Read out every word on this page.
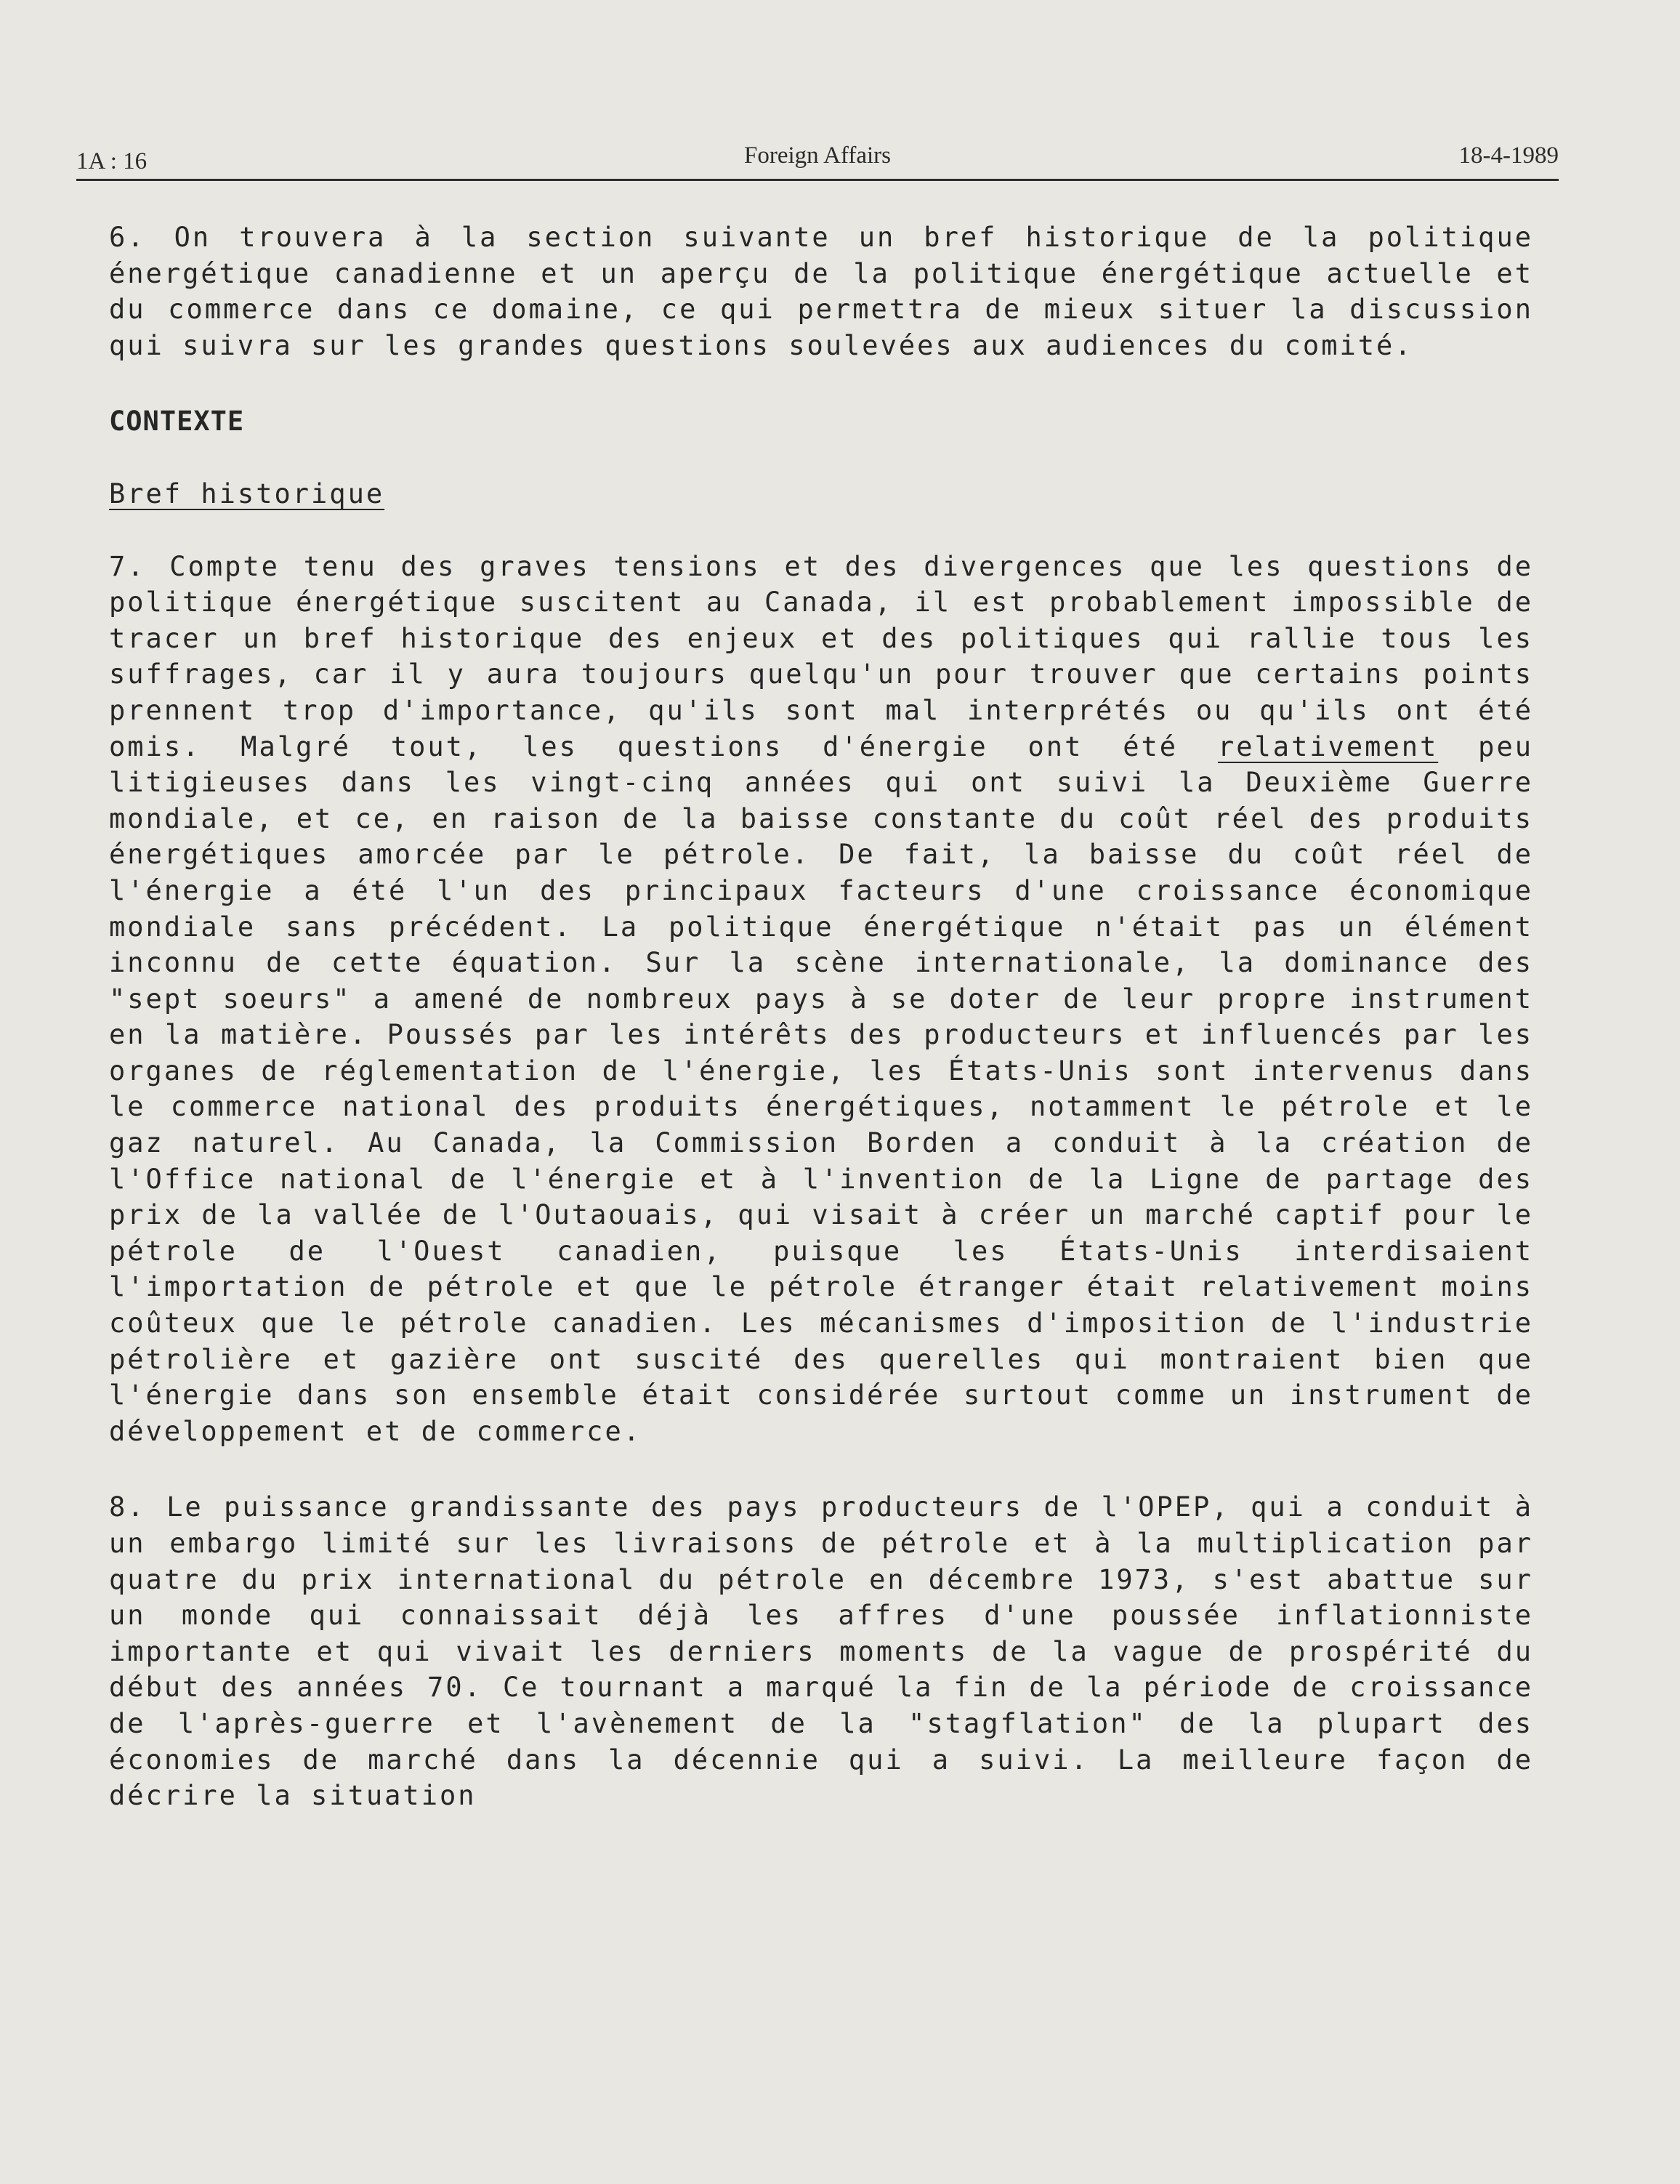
1A : 16	Foreign Affairs	18-4-1989

6. On trouvera à la section suivante un bref historique de la politique énergétique canadienne et un aperçu de la politique énergétique actuelle et du commerce dans ce domaine, ce qui permettra de mieux situer la discussion qui suivra sur les grandes questions soulevées aux audiences du comité.

CONTEXTE

Bref historique

7. Compte tenu des graves tensions et des divergences que les questions de politique énergétique suscitent au Canada, il est probablement impossible de tracer un bref historique des enjeux et des politiques qui rallie tous les suffrages, car il y aura toujours quelqu'un pour trouver que certains points prennent trop d'importance, qu'ils sont mal interprétés ou qu'ils ont été omis. Malgré tout, les questions d'énergie ont été relativement peu litigieuses dans les vingt-cinq années qui ont suivi la Deuxième Guerre mondiale, et ce, en raison de la baisse constante du coût réel des produits énergétiques amorcée par le pétrole. De fait, la baisse du coût réel de l'énergie a été l'un des principaux facteurs d'une croissance économique mondiale sans précédent. La politique énergétique n'était pas un élément inconnu de cette équation. Sur la scène internationale, la dominance des "sept soeurs" a amené de nombreux pays à se doter de leur propre instrument en la matière. Poussés par les intérêts des producteurs et influencés par les organes de réglementation de l'énergie, les États-Unis sont intervenus dans le commerce national des produits énergétiques, notamment le pétrole et le gaz naturel. Au Canada, la Commission Borden a conduit à la création de l'Office national de l'énergie et à l'invention de la Ligne de partage des prix de la vallée de l'Outaouais, qui visait à créer un marché captif pour le pétrole de l'Ouest canadien, puisque les États-Unis interdisaient l'importation de pétrole et que le pétrole étranger était relativement moins coûteux que le pétrole canadien. Les mécanismes d'imposition de l'industrie pétrolière et gazière ont suscité des querelles qui montraient bien que l'énergie dans son ensemble était considérée surtout comme un instrument de développement et de commerce.

8. Le puissance grandissante des pays producteurs de l'OPEP, qui a conduit à un embargo limité sur les livraisons de pétrole et à la multiplication par quatre du prix international du pétrole en décembre 1973, s'est abattue sur un monde qui connaissait déjà les affres d'une poussée inflationniste importante et qui vivait les derniers moments de la vague de prospérité du début des années 70. Ce tournant a marqué la fin de la période de croissance de l'après-guerre et l'avènement de la "stagflation" de la plupart des économies de marché dans la décennie qui a suivi. La meilleure façon de décrire la situation
